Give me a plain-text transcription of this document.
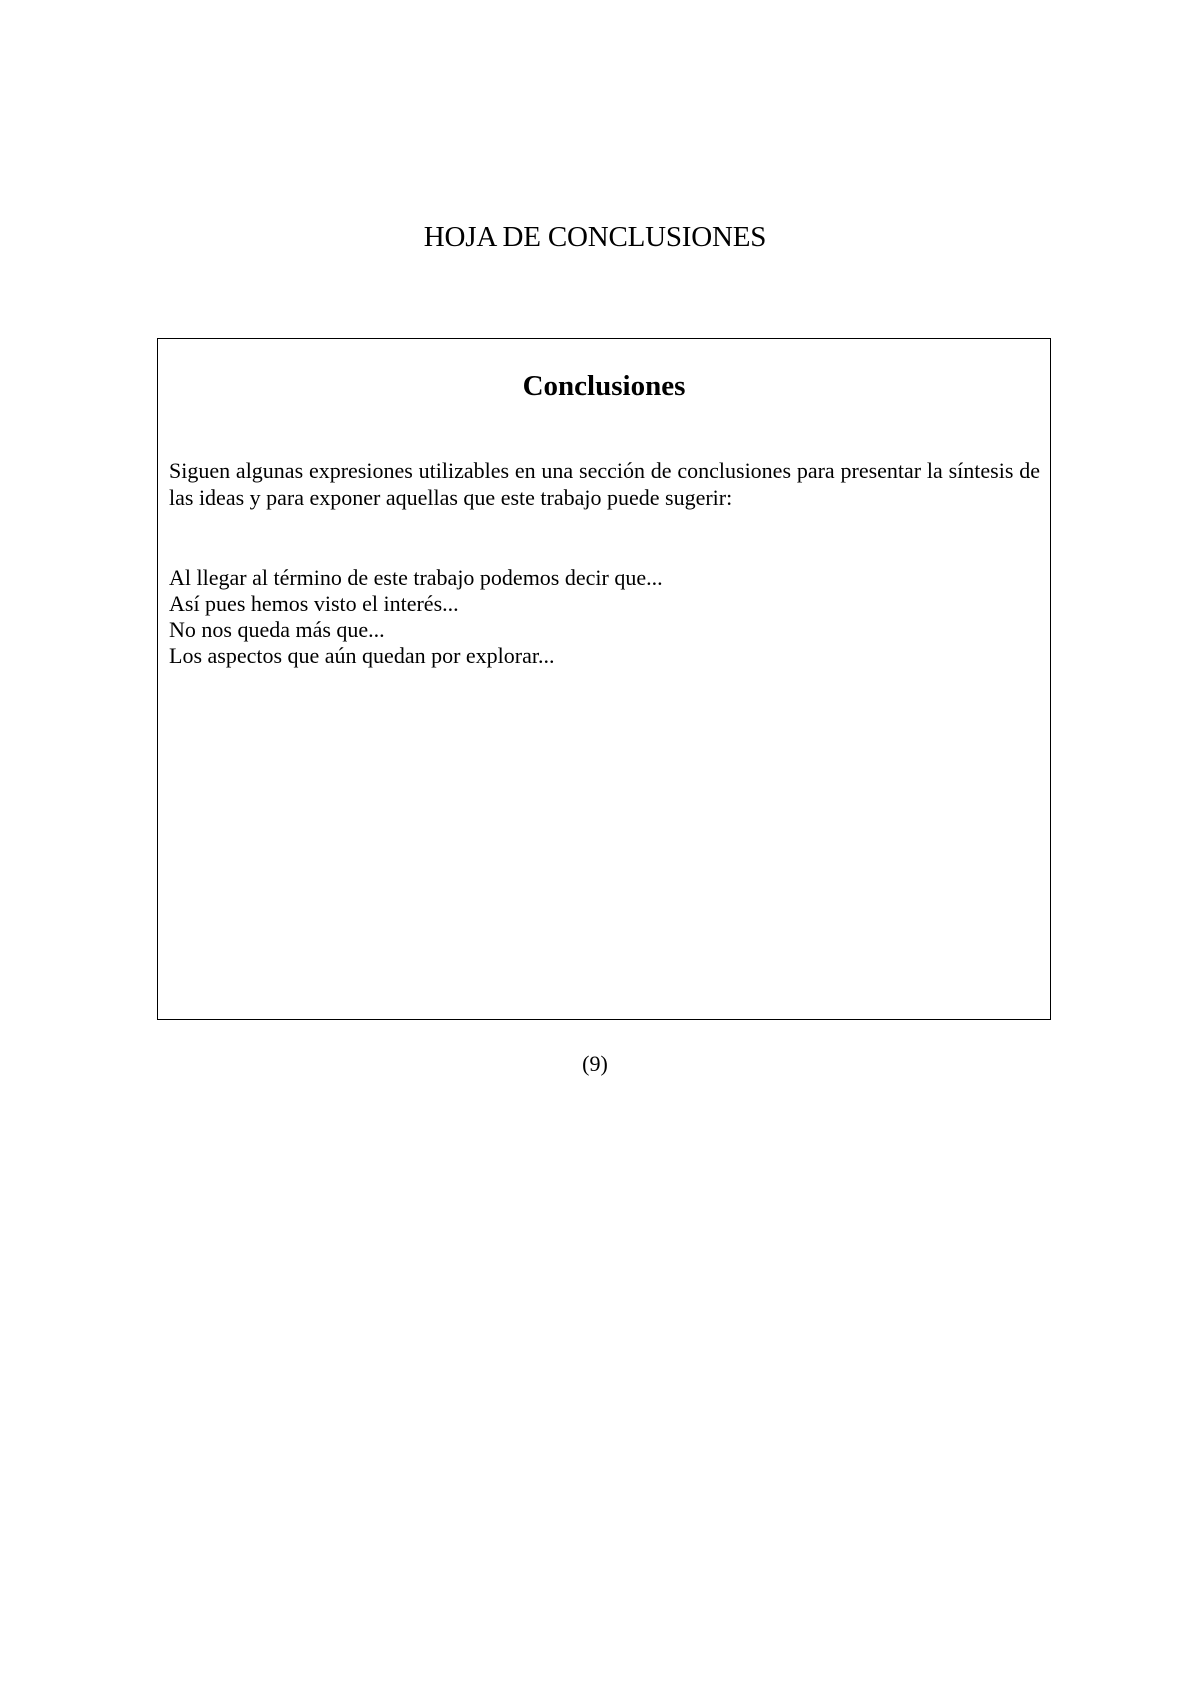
HOJA DE CONCLUSIONES
Conclusiones

Siguen algunas expresiones utilizables en una sección de conclusiones para presentar la síntesis de las ideas y para exponer aquellas que este trabajo puede sugerir:

Al llegar al término de este trabajo podemos decir que...
Así pues hemos visto el interés...
No nos queda más que...
Los aspectos que aún quedan por explorar...
(9)
